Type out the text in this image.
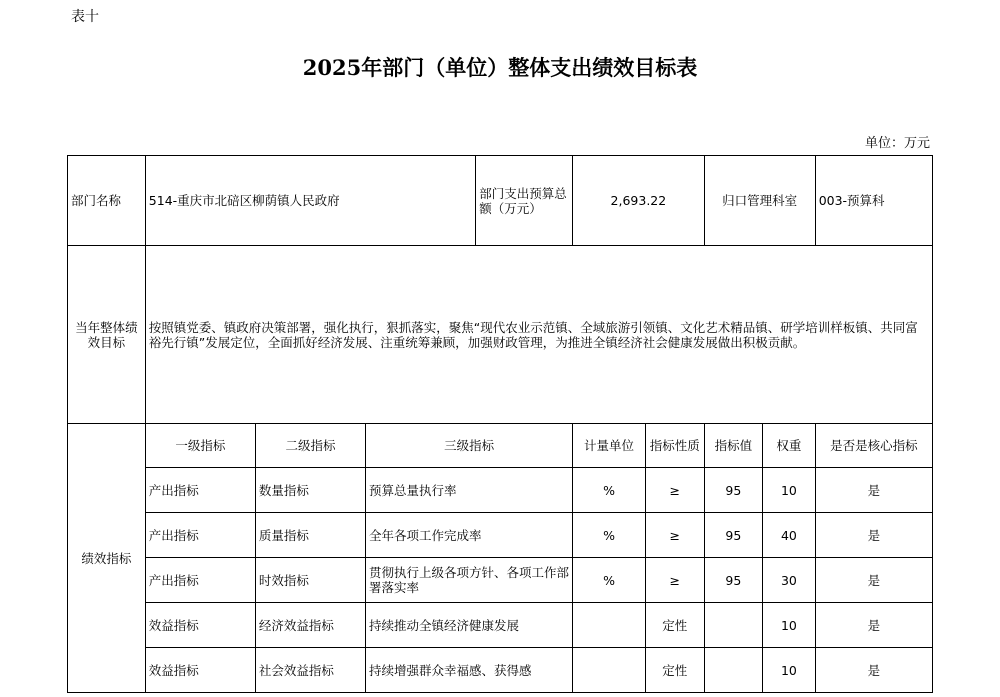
表十
2025年部门（单位）整体支出绩效目标表
单位：万元
部门名称	514-重庆市北碚区柳荫镇人民政府			部门支出预算总额（万元）	2,693.22		归口管理科室		003-预算科
当年整体绩效目标	按照镇党委、镇政府决策部署，强化执行，狠抓落实，聚焦“现代农业示范镇、全域旅游引领镇、文化艺术精品镇、研学培训样板镇、共同富裕先行镇”发展定位，全面抓好经济发展、注重统筹兼顾，加强财政管理，为推进全镇经济社会健康发展做出积极贡献。								
绩效指标	一级指标	二级指标	三级指标		计量单位	指标性质	指标值	权重	是否是核心指标
	产出指标	数量指标	预算总量执行率		%	≥	95	10	是
	产出指标	质量指标	全年各项工作完成率		%	≥	95	40	是
	产出指标	时效指标	贯彻执行上级各项方针、各项工作部署落实率		%	≥	95	30	是
	效益指标	经济效益指标	持续推动全镇经济健康发展			定性		10	是
	效益指标	社会效益指标	持续增强群众幸福感、获得感			定性		10	是
